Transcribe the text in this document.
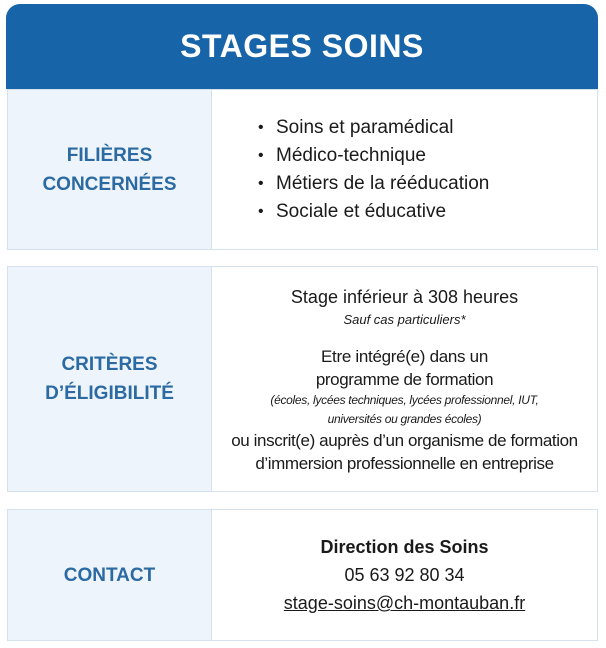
STAGES SOINS
FILIÈRES
CONCERNÉES
• Soins et paramédical
• Médico-technique
• Métiers de la rééducation
• Sociale et éducative
CRITÈRES
D’ÉLIGIBILITÉ
Stage inférieur à 308 heures
Sauf cas particuliers*
Etre intégré(e) dans un
programme de formation
(écoles, lycées techniques, lycées professionnel, IUT,
universités ou grandes écoles)
ou inscrit(e) auprès d’un organisme de formation
d’immersion professionnelle en entreprise
CONTACT
Direction des Soins
05 63 92 80 34
stage-soins@ch-montauban.fr
